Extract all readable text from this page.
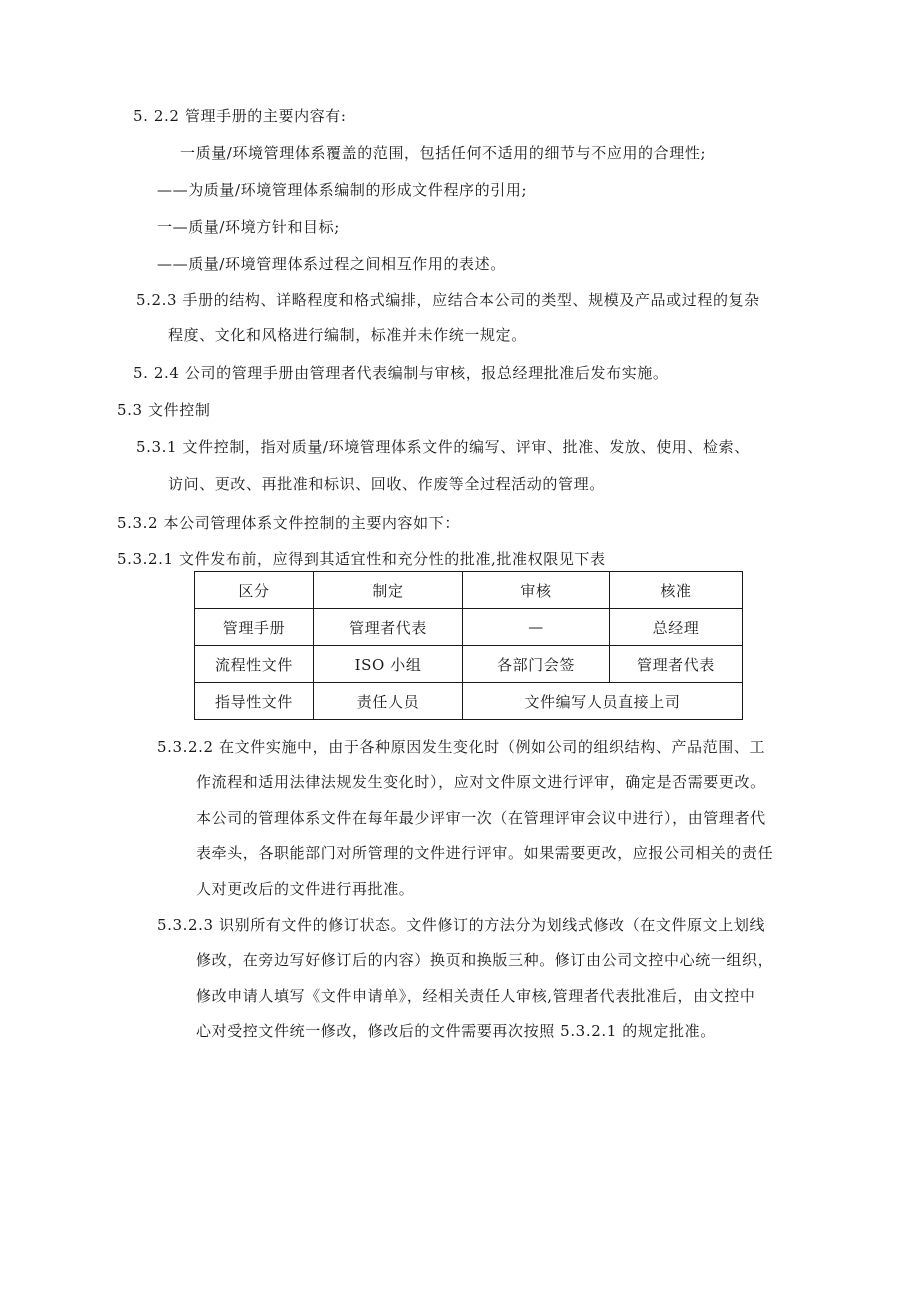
5. 2.2 管理手册的主要内容有:
一质量/环境管理体系覆盖的范围，包括任何不适用的细节与不应用的合理性;
——为质量/环境管理体系编制的形成文件程序的引用;
一—质量/环境方针和目标;
——质量/环境管理体系过程之间相互作用的表述。
5.2.3 手册的结构、详略程度和格式编排，应结合本公司的类型、规模及产品或过程的复杂
程度、文化和风格进行编制，标准并未作统一规定。
5. 2.4 公司的管理手册由管理者代表编制与审核，报总经理批准后发布实施。
5.3 文件控制
5.3.1 文件控制，指对质量/环境管理体系文件的编写、评审、批准、发放、使用、检索、
访问、更改、再批准和标识、回收、作废等全过程活动的管理。
5.3.2 本公司管理体系文件控制的主要内容如下：
5.3.2.1 文件发布前，应得到其适宜性和充分性的批准,批准权限见下表
区分	制定	审核	核准
管理手册	管理者代表	—	总经理
流程性文件	ISO 小组	各部门会签	管理者代表
指导性文件	责任人员	文件编写人员直接上司	
5.3.2.2 在文件实施中，由于各种原因发生变化时（例如公司的组织结构、产品范围、工
作流程和适用法律法规发生变化时），应对文件原文进行评审，确定是否需要更改。
本公司的管理体系文件在每年最少评审一次（在管理评审会议中进行），由管理者代
表牵头，各职能部门对所管理的文件进行评审。如果需要更改，应报公司相关的责任
人对更改后的文件进行再批准。
5.3.2.3 识别所有文件的修订状态。文件修订的方法分为划线式修改（在文件原文上划线
修改，在旁边写好修订后的内容）换页和换版三种。修订由公司文控中心统一组织，
修改申请人填写《文件申请单》，经相关责任人审核,管理者代表批准后，由文控中
心对受控文件统一修改，修改后的文件需要再次按照 5.3.2.1 的规定批准。
